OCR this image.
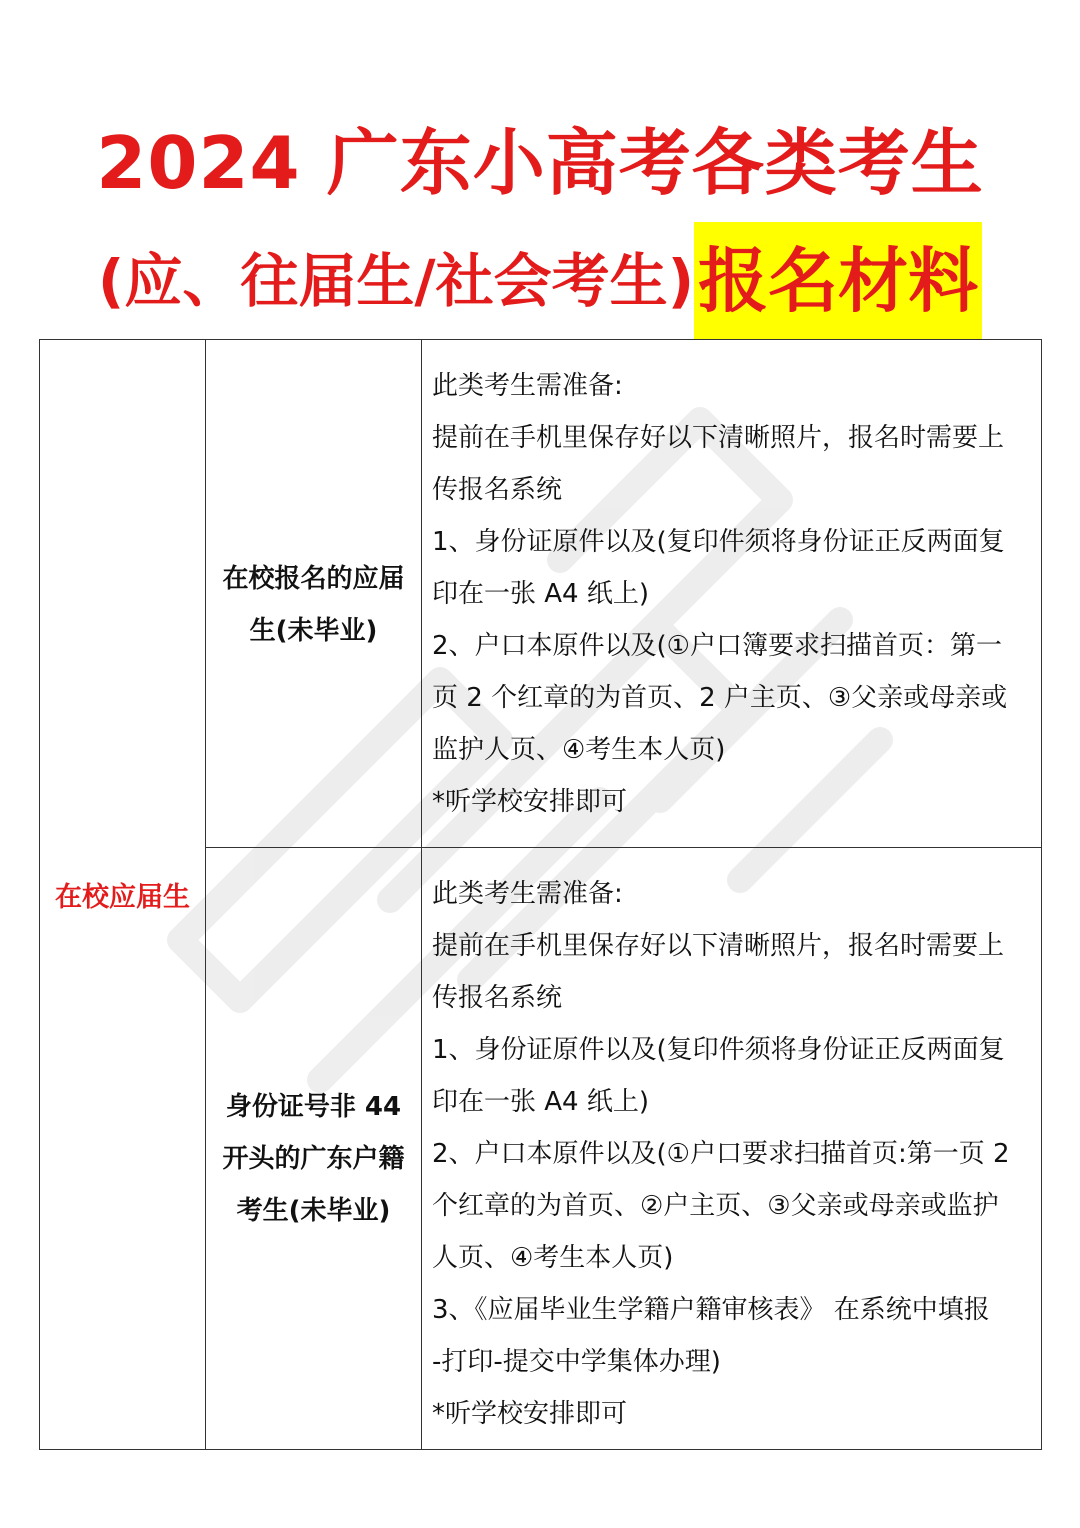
2024 广东小高考各类考生
(应、往届生/社会考生)报名材料
在校应届生
在校报名的应届
生(未毕业)
此类考生需准备:
提前在手机里保存好以下清晰照片，报名时需要上
传报名系统
1、身份证原件以及(复印件须将身份证正反两面复
印在一张 A4 纸上)
2、户口本原件以及(①户口簿要求扫描首页：第一
页 2 个红章的为首页、2 户主页、③父亲或母亲或
监护人页、④考生本人页)
*听学校安排即可
身份证号非 44
开头的广东户籍
考生(未毕业)
此类考生需准备:
提前在手机里保存好以下清晰照片，报名时需要上
传报名系统
1、身份证原件以及(复印件须将身份证正反两面复
印在一张 A4 纸上)
2、户口本原件以及(①户口要求扫描首页:第一页 2
个红章的为首页、②户主页、③父亲或母亲或监护
人页、④考生本人页)
3、《应届毕业生学籍户籍审核表》 在系统中填报
-打印-提交中学集体办理)
*听学校安排即可
